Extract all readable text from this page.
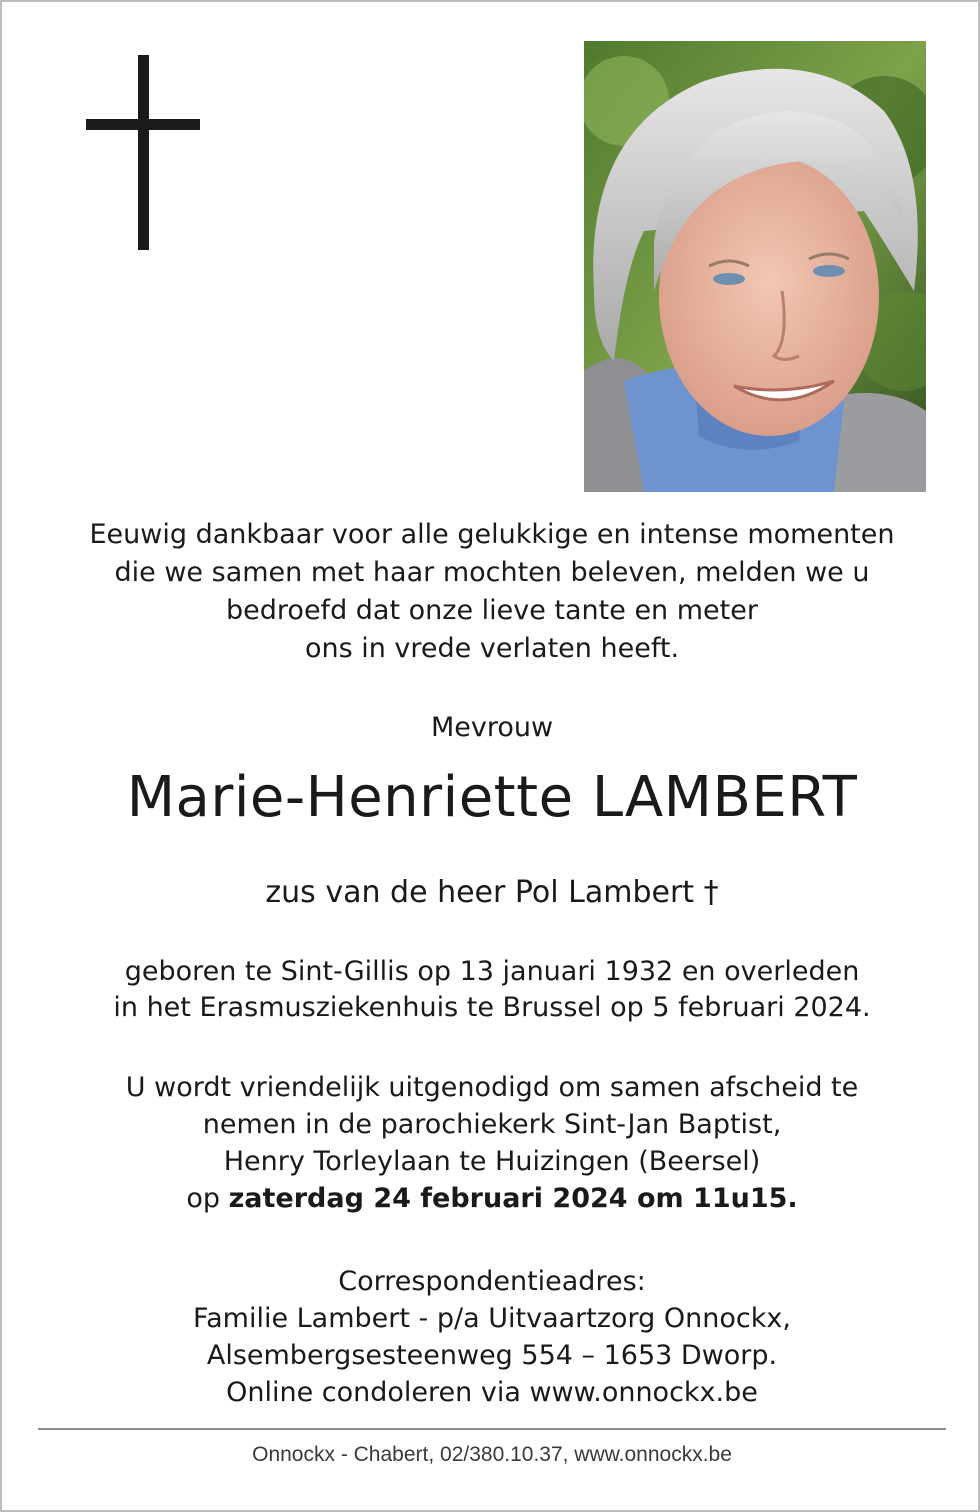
Eeuwig dankbaar voor alle gelukkige en intense momenten
die we samen met haar mochten beleven, melden we u
bedroefd dat onze lieve tante en meter
ons in vrede verlaten heeft.
Mevrouw
Marie-Henriette LAMBERT
zus van de heer Pol Lambert †
geboren te Sint-Gillis op 13 januari 1932 en overleden
in het Erasmusziekenhuis te Brussel op 5 februari 2024.
U wordt vriendelijk uitgenodigd om samen afscheid te
nemen in de parochiekerk Sint-Jan Baptist,
Henry Torleylaan te Huizingen (Beersel)
op zaterdag 24 februari 2024 om 11u15.
Correspondentieadres:
Familie Lambert - p/a Uitvaartzorg Onnockx,
Alsembergsesteenweg 554 – 1653 Dworp.
Online condoleren via www.onnockx.be
Onnockx - Chabert, 02/380.10.37, www.onnockx.be
